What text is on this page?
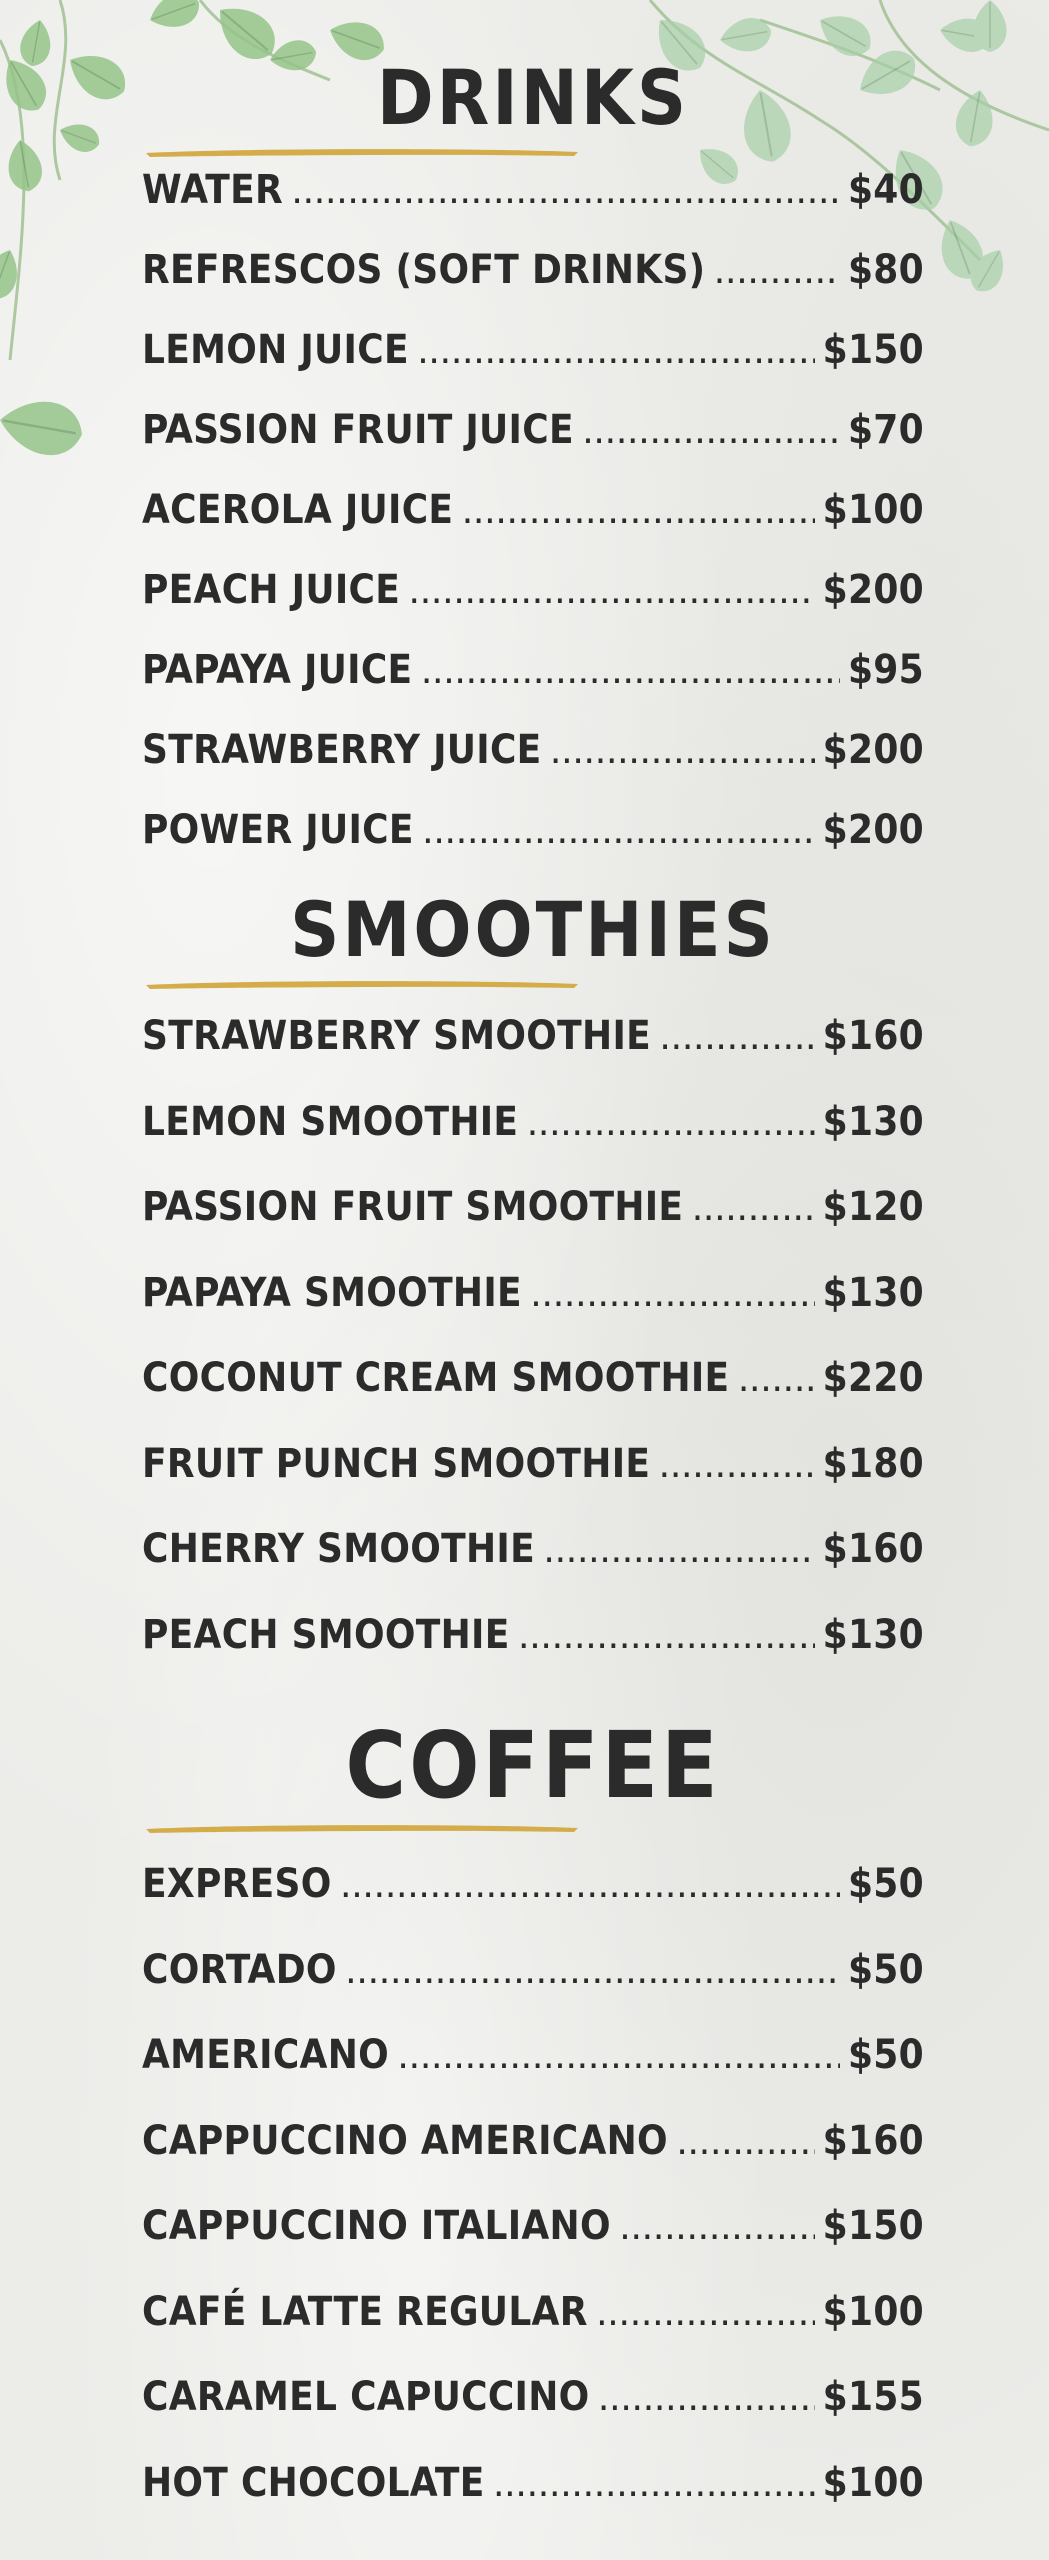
DRINKS
WATER .....	$40
REFRESCOS (SOFT DRINKS) .....	$80
LEMON JUICE .....	$150
PASSION FRUIT JUICE .....	$70
ACEROLA JUICE .....	$100
PEACH JUICE .....	$200
PAPAYA JUICE .....	$95
STRAWBERRY JUICE .....	$200
POWER JUICE .....	$200
SMOOTHIES
STRAWBERRY SMOOTHIE .....	$160
LEMON SMOOTHIE .....	$130
PASSION FRUIT SMOOTHIE .....	$120
PAPAYA SMOOTHIE .....	$130
COCONUT CREAM SMOOTHIE ..... $220
FRUIT PUNCH SMOOTHIE .....	$180
CHERRY SMOOTHIE .....	$160
PEACH SMOOTHIE .....	$130
COFFEE
EXPRESO .....	$50
CORTADO .....	$50
AMERICANO .....	$50
CAPPUCCINO AMERICANO .....	$160
CAPPUCCINO ITALIANO .....	$150
CAFÉ LATTE REGULAR .....	$100
CARAMEL CAPUCCINO .....	$155
HOT CHOCOLATE .....	$100
